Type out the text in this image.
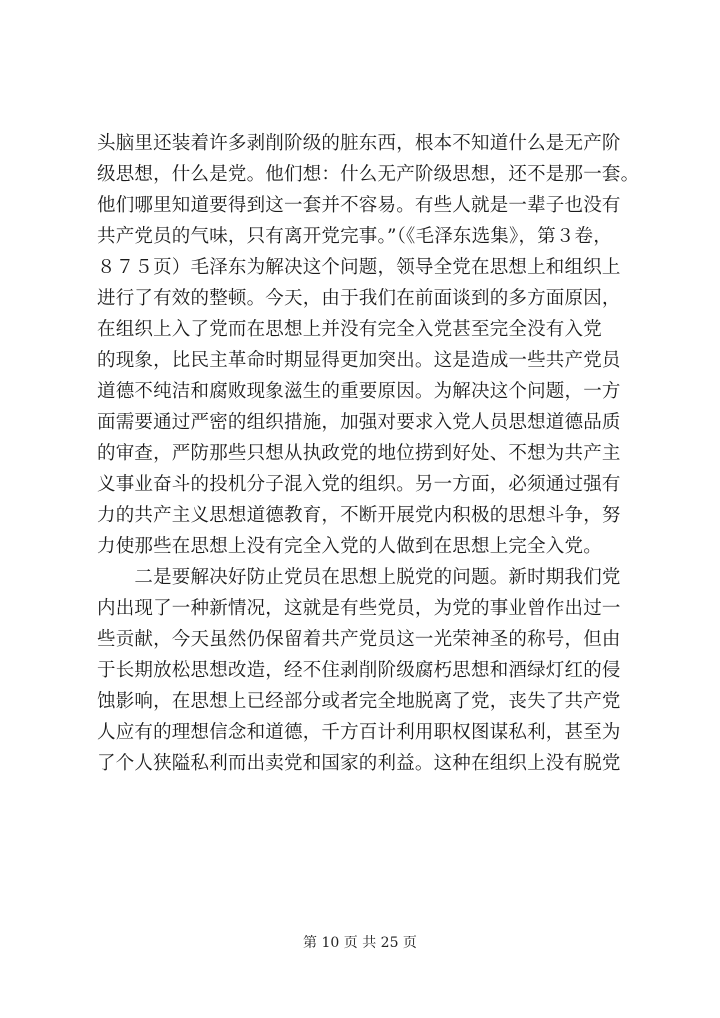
头脑里还装着许多剥削阶级的脏东西，根本不知道什么是无产阶
级思想，什么是党。他们想：什么无产阶级思想，还不是那一套。
他们哪里知道要得到这一套并不容易。有些人就是一辈子也没有
共产党员的气味，只有离开党完事。”（《毛泽东选集》，第３卷，
８７５页）毛泽东为解决这个问题，领导全党在思想上和组织上
进行了有效的整顿。今天，由于我们在前面谈到的多方面原因，
在组织上入了党而在思想上并没有完全入党甚至完全没有入党
的现象，比民主革命时期显得更加突出。这是造成一些共产党员
道德不纯洁和腐败现象滋生的重要原因。为解决这个问题，一方
面需要通过严密的组织措施，加强对要求入党人员思想道德品质
的审查，严防那些只想从执政党的地位捞到好处、不想为共产主
义事业奋斗的投机分子混入党的组织。另一方面，必须通过强有
力的共产主义思想道德教育，不断开展党内积极的思想斗争，努
力使那些在思想上没有完全入党的人做到在思想上完全入党。
　　二是要解决好防止党员在思想上脱党的问题。新时期我们党
内出现了一种新情况，这就是有些党员，为党的事业曾作出过一
些贡献，今天虽然仍保留着共产党员这一光荣神圣的称号，但由
于长期放松思想改造，经不住剥削阶级腐朽思想和酒绿灯红的侵
蚀影响，在思想上已经部分或者完全地脱离了党，丧失了共产党
人应有的理想信念和道德，千方百计利用职权图谋私利，甚至为
了个人狭隘私利而出卖党和国家的利益。这种在组织上没有脱党
第 10 页 共 25 页
